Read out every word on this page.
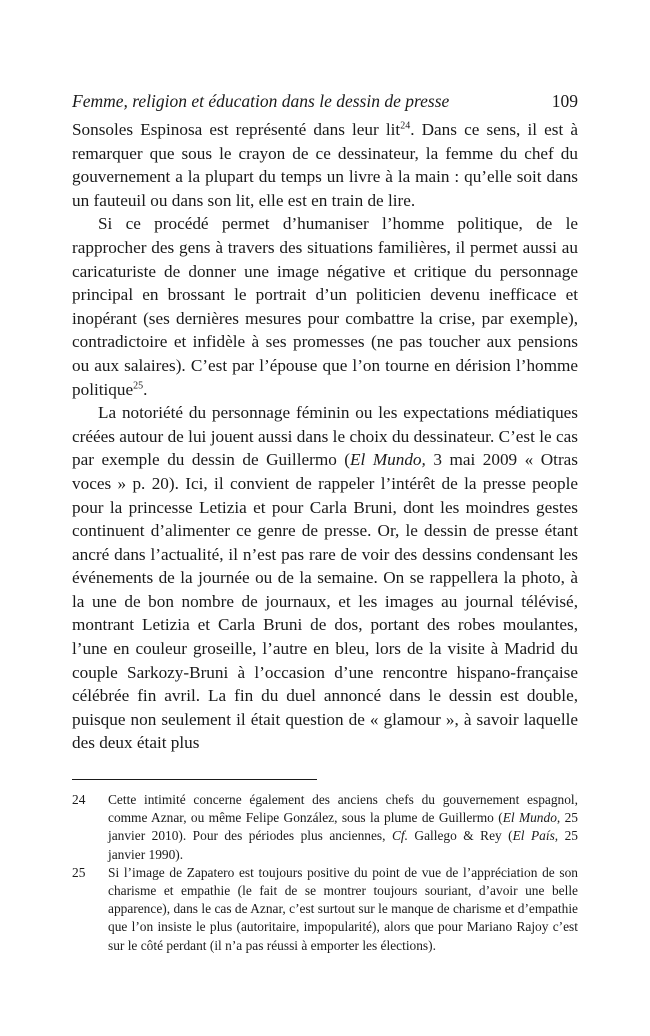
Femme, religion et éducation dans le dessin de presse	109

Sonsoles Espinosa est représenté dans leur lit$^{24}$. Dans ce sens, il est à remarquer que sous le crayon de ce dessinateur, la femme du chef du gouvernement a la plupart du temps un livre à la main : qu’elle soit dans un fauteuil ou dans son lit, elle est en train de lire.

Si ce procédé permet d’humaniser l’homme politique, de le rapprocher des gens à travers des situations familières, il permet aussi au caricaturiste de donner une image négative et critique du personnage principal en brossant le portrait d’un politicien devenu inefficace et inopérant (ses dernières mesures pour combattre la crise, par exemple), contradictoire et infidèle à ses promesses (ne pas toucher aux pensions ou aux salaires). C’est par l’épouse que l’on tourne en dérision l’homme politique$^{25}$.

La notoriété du personnage féminin ou les expectations médiatiques créées autour de lui jouent aussi dans le choix du dessinateur. C’est le cas par exemple du dessin de Guillermo (El Mundo, 3 mai 2009 « Otras voces » p. 20). Ici, il convient de rappeler l’intérêt de la presse people pour la princesse Letizia et pour Carla Bruni, dont les moindres gestes continuent d’alimenter ce genre de presse. Or, le dessin de presse étant ancré dans l’actualité, il n’est pas rare de voir des dessins condensant les événements de la journée ou de la semaine. On se rappellera la photo, à la une de bon nombre de journaux, et les images au journal télévisé, montrant Letizia et Carla Bruni de dos, portant des robes moulantes, l’une en couleur groseille, l’autre en bleu, lors de la visite à Madrid du couple Sarkozy-Bruni à l’occasion d’une rencontre hispano-française célébrée fin avril. La fin du duel annoncé dans le dessin est double, puisque non seulement il était question de « glamour », à savoir laquelle des deux était plus

24	Cette intimité concerne également des anciens chefs du gouvernement espagnol, comme Aznar, ou même Felipe González, sous la plume de Guillermo (El Mundo, 25 janvier 2010). Pour des périodes plus anciennes, Cf. Gallego & Rey (El País, 25 janvier 1990).
25	Si l’image de Zapatero est toujours positive du point de vue de l’appréciation de son charisme et empathie (le fait de se montrer toujours souriant, d’avoir une belle apparence), dans le cas de Aznar, c’est surtout sur le manque de charisme et d’empathie que l’on insiste le plus (autoritaire, impopularité), alors que pour Mariano Rajoy c’est sur le côté perdant (il n’a pas réussi à emporter les élections).
